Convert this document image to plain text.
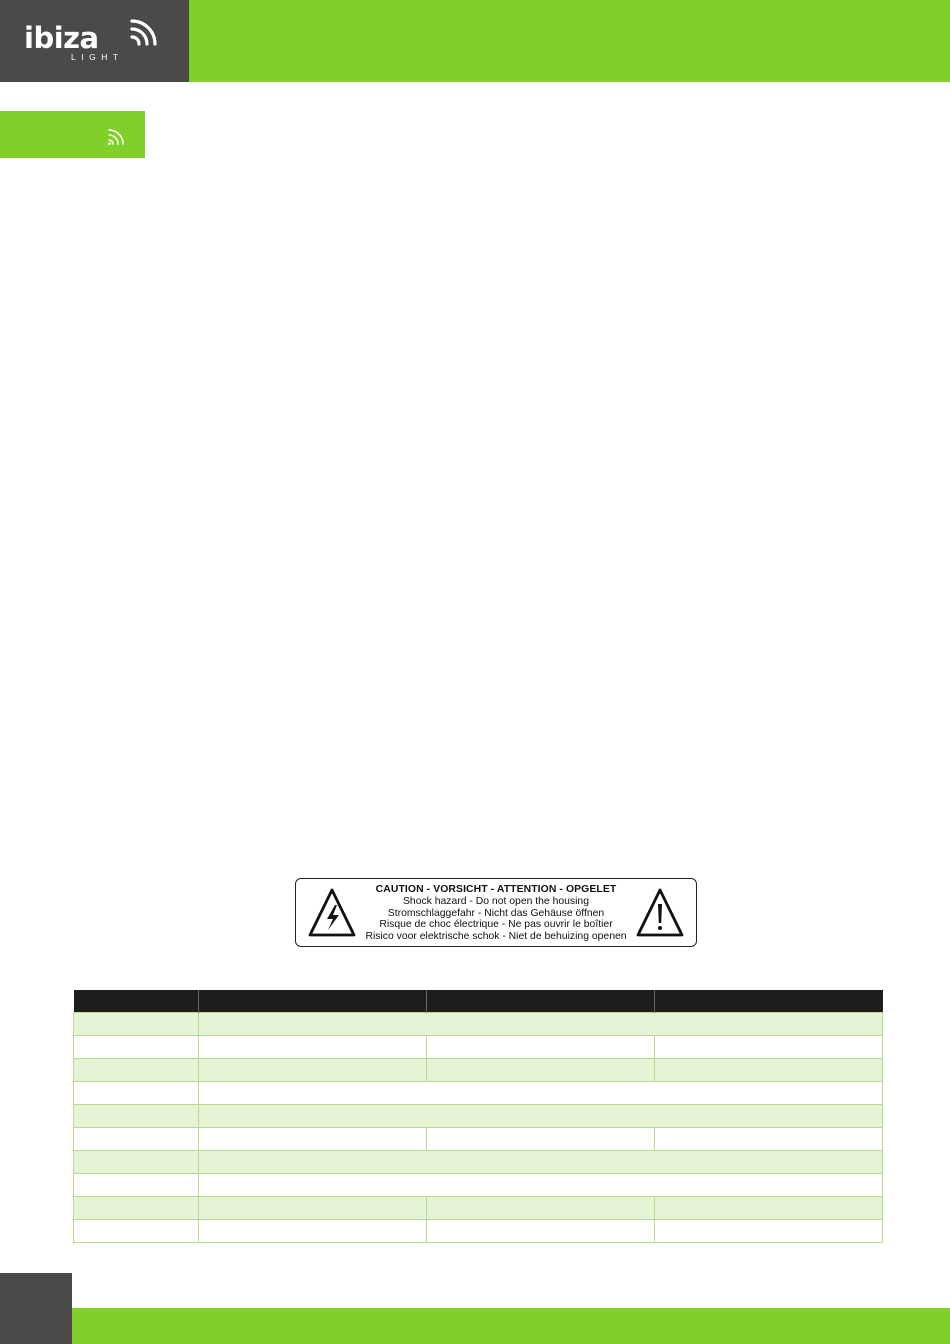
ibiza
LIGHT
CAUTION - VORSICHT - ATTENTION - OPGELET
Shock hazard - Do not open the housing
Stromschlaggefahr - Nicht das Gehäuse öffnen
Risque de choc électrique - Ne pas ouvrir le boîtier
Risico voor elektrische schok - Niet de behuizing openen
